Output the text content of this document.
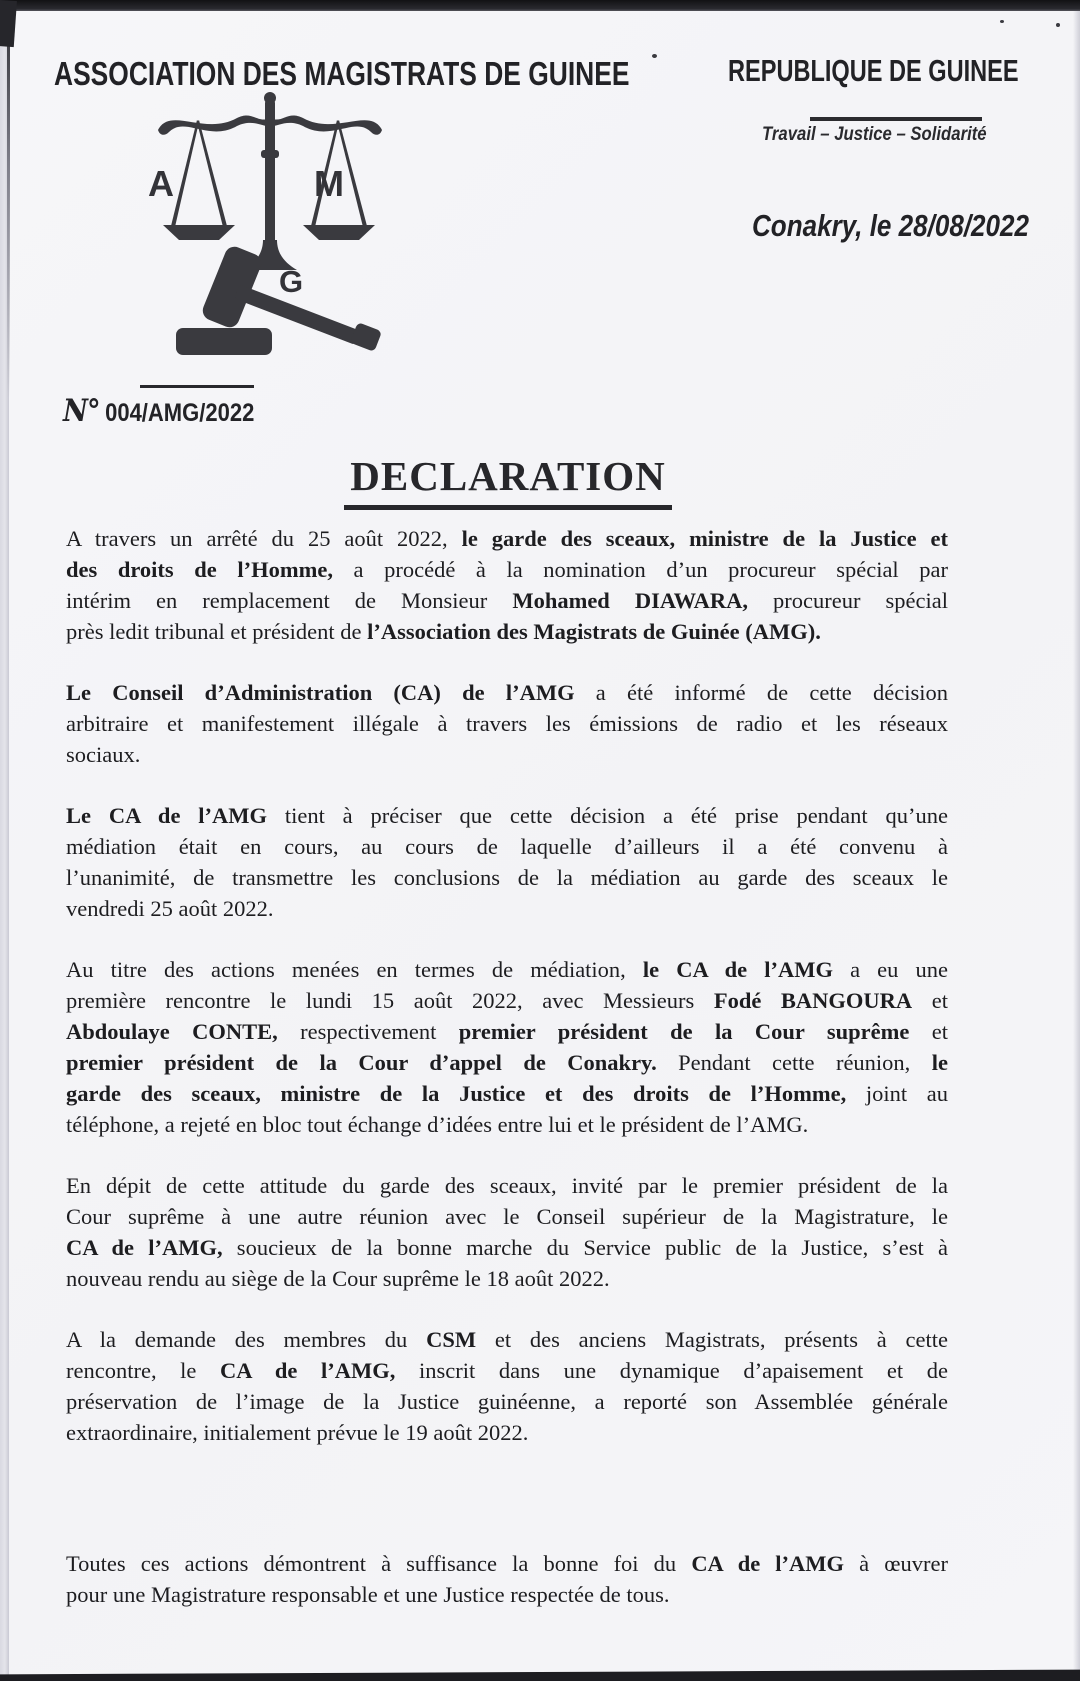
ASSOCIATION DES MAGISTRATS DE GUINEE	REPUBLIQUE DE GUINEE
Travail – Justice – Solidarité
Conakry, le 28/08/2022
A	M
G
N° 004/AMG/2022
DECLARATION
A travers un arrêté du 25 août 2022, le garde des sceaux, ministre de la Justice et
des droits de l’Homme, a procédé à la nomination d’un procureur spécial par
intérim en remplacement de Monsieur Mohamed DIAWARA, procureur spécial
près ledit tribunal et président de l’Association des Magistrats de Guinée (AMG).
Le Conseil d’Administration (CA) de l’AMG a été informé de cette décision
arbitraire et manifestement illégale à travers les émissions de radio et les réseaux
sociaux.
Le CA de l’AMG tient à préciser que cette décision a été prise pendant qu’une
médiation était en cours, au cours de laquelle d’ailleurs il a été convenu à
l’unanimité, de transmettre les conclusions de la médiation au garde des sceaux le
vendredi 25 août 2022.
Au titre des actions menées en termes de médiation, le CA de l’AMG a eu une
première rencontre le lundi 15 août 2022, avec Messieurs Fodé BANGOURA et
Abdoulaye CONTE, respectivement premier président de la Cour suprême et
premier président de la Cour d’appel de Conakry. Pendant cette réunion, le
garde des sceaux, ministre de la Justice et des droits de l’Homme, joint au
téléphone, a rejeté en bloc tout échange d’idées entre lui et le président de l’AMG.
En dépit de cette attitude du garde des sceaux, invité par le premier président de la
Cour suprême à une autre réunion avec le Conseil supérieur de la Magistrature, le
CA de l’AMG, soucieux de la bonne marche du Service public de la Justice, s’est à
nouveau rendu au siège de la Cour suprême le 18 août 2022.
A la demande des membres du CSM et des anciens Magistrats, présents à cette
rencontre, le CA de l’AMG, inscrit dans une dynamique d’apaisement et de
préservation de l’image de la Justice guinéenne, a reporté son Assemblée générale
extraordinaire, initialement prévue le 19 août 2022.
Toutes ces actions démontrent à suffisance la bonne foi du CA de l’AMG à œuvrer
pour une Magistrature responsable et une Justice respectée de tous.
